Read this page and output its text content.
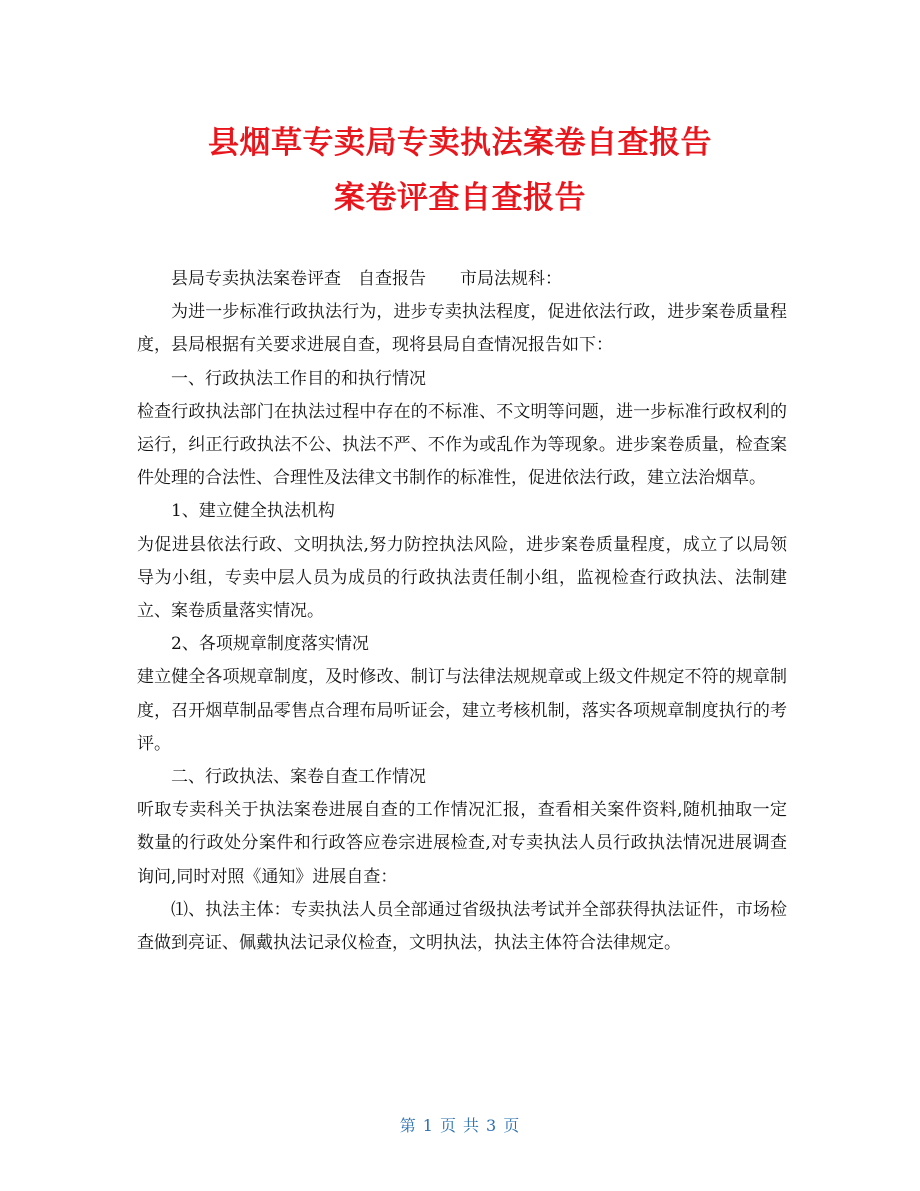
县烟草专卖局专卖执法案卷自查报告
案卷评查自查报告

县局专卖执法案卷评查　自查报告　　市局法规科：

为进一步标准行政执法行为，进步专卖执法程度，促进依法行政，进步案卷质量程度，县局根据有关要求进展自查，现将县局自查情况报告如下：

一、行政执法工作目的和执行情况

检查行政执法部门在执法过程中存在的不标准、不文明等问题，进一步标准行政权利的运行，纠正行政执法不公、执法不严、不作为或乱作为等现象。进步案卷质量，检查案件处理的合法性、合理性及法律文书制作的标准性，促进依法行政，建立法治烟草。

1、建立健全执法机构

为促进县依法行政、文明执法,努力防控执法风险，进步案卷质量程度，成立了以局领导为小组，专卖中层人员为成员的行政执法责任制小组，监视检查行政执法、法制建立、案卷质量落实情况。

2、各项规章制度落实情况

建立健全各项规章制度，及时修改、制订与法律法规规章或上级文件规定不符的规章制度，召开烟草制品零售点合理布局听证会，建立考核机制，落实各项规章制度执行的考评。

二、行政执法、案卷自查工作情况

听取专卖科关于执法案卷进展自查的工作情况汇报，查看相关案件资料,随机抽取一定数量的行政处分案件和行政答应卷宗进展检查,对专卖执法人员行政执法情况进展调查询问,同时对照《通知》进展自查：

⑴、执法主体：专卖执法人员全部通过省级执法考试并全部获得执法证件，市场检查做到亮证、佩戴执法记录仪检查，文明执法，执法主体符合法律规定。

第 1 页 共 3 页
